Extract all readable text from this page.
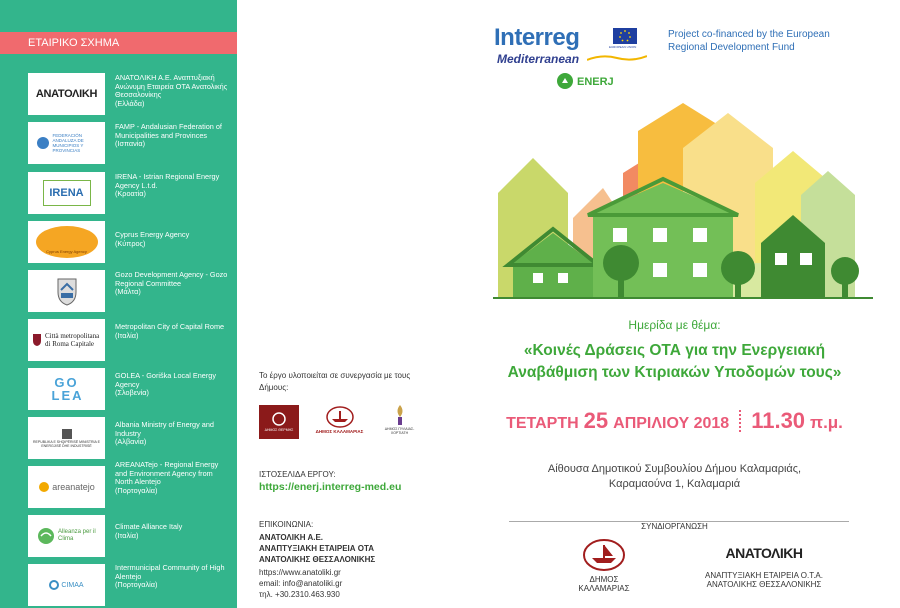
ΕΤΑΙΡΙΚΟ ΣΧΗΜΑ
ΑΝΑΤΟΛΙΚΗ
ΑΝΑΤΟΛΙΚΗ Α.Ε. Αναπτυξιακή Ανώνυμη Εταιρεία ΟΤΑ Ανατολικής Θεσσαλονίκης
(Ελλάδα)
FEDERACIÓN ANDALUZA DE MUNICIPIOS Y PROVINCIAS
FAMP - Andalusian Federation of Municipalities and Provinces
(Ισπανία)
IRENA
IRENA - Istrian Regional Energy Agency L.t.d.
(Κροατία)
Cyprus Energy Agency
Cyprus Energy Agency
(Κύπρος)
Gozo Development Agency - Gozo Regional Committee
(Μάλτα)
Città metropolitana di Roma Capitale
Metropolitan City of Capital Rome
(Ιταλία)
GO LEA
GOLEA - Goriška Local Energy Agency
(Σλοβενία)
REPUBLIKA E SHQIPËRISË MINISTRIA E ENERGJISË DHE INDUSTRISË
Albania Ministry of Energy and Industry
(Αλβανία)
areanatejo
AREANATejo - Regional Energy and Environment Agency from North Alentejo
(Πορτογαλία)
Alleanza per il Clima
Climate Alliance Italy
(Ιταλία)
CIMAA
Intermunicipal Community of High Alentejo
(Πορτογαλία)
Το έργο υλοποιείται σε συνεργασία με τους Δήμους:
ΔΗΜΟΣ ΘΕΡΜΗΣ	ΔΗΜΟΣ ΚΑΛΑΜΑΡΙΑΣ	ΔΗΜΟΣ ΠΥΛΑΙΑΣ-ΧΟΡΤΙΑΤΗ
ΙΣΤΟΣΕΛΙΔΑ ΕΡΓΟΥ:
https://enerj.interreg-med.eu
ΕΠΙΚΟΙΝΩΝΙΑ:
ΑΝΑΤΟΛΙΚΗ Α.Ε.
ΑΝΑΠΤΥΞΙΑΚΗ ΕΤΑΙΡΕΙΑ ΟΤΑ
ΑΝΑΤΟΛΙΚΗΣ ΘΕΣΣΑΛΟΝΙΚΗΣ
https://www.anatoliki.gr
email: info@anatoliki.gr
τηλ. +30.2310.463.930
Interreg
Mediterranean
EUROPEAN UNION
Project co-financed by the European
Regional Development Fund
ENERJ
Ημερίδα με θέμα:
«Κοινές Δράσεις ΟΤΑ για την Ενεργειακή
Αναβάθμιση των Κτιριακών Υποδομών τους»
ΤΕΤΑΡΤΗ 25 ΑΠΡΙΛΙΟΥ 2018 11.30 π.μ.
Αίθουσα Δημοτικού Συμβουλίου Δήμου Καλαμαριάς,
Καραμαούνα 1, Καλαμαριά
ΣΥΝΔΙΟΡΓΑΝΩΣΗ
ΔΗΜΟΣ
ΚΑΛΑΜΑΡΙΑΣ
ΑΝΑΤΟΛΙΚΗ
ΑΝΑΠΤΥΞΙΑΚΗ ΕΤΑΙΡΕΙΑ Ο.Τ.Α.
ΑΝΑΤΟΛΙΚΗΣ ΘΕΣΣΑΛΟΝΙΚΗΣ
